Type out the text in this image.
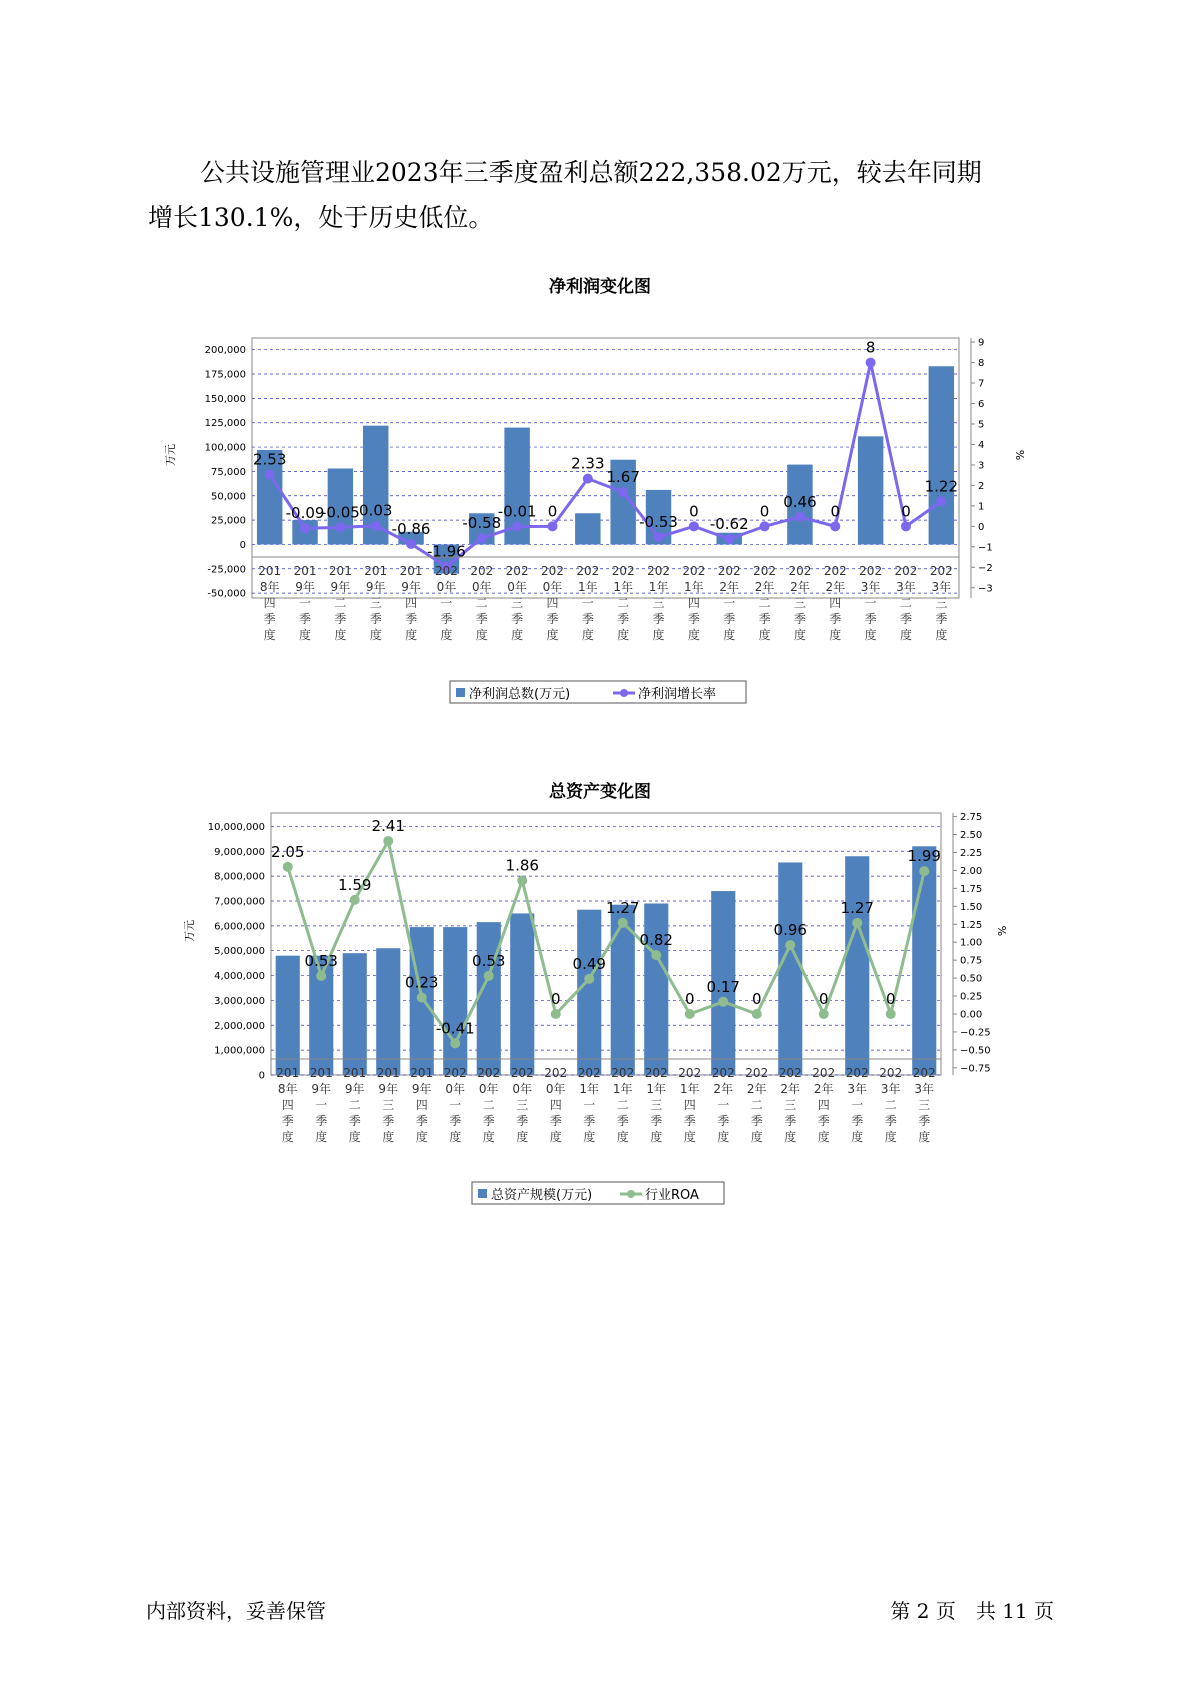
公共设施管理业2023年三季度盈利总额222,358.02万元，较去年同期
增长130.1%，处于历史低位。
净利润变化图
-50,000
-25,000
0
25,000
50,000
75,000
100,000
125,000
150,000
175,000
200,000
万元
−3
−2
−1
0
1
2
3
4
5
6
7
8
9
%
2.53
-0.09
-0.05 0.03
-0.86
-1.96
-0.58
-0.01 0
2.33
1.67
-0.53
0
-0.62
0
0.46
0
8
0
1.22
201
8年
四
季
度
201
9年
一
季
度
201
9年
二
季
度
201
9年
三
季
度
201
9年
四
季
度
202
0年
一
季
度
202
0年
二
季
度
202
0年
三
季
度
202
0年
四
季
度
202
1年
一
季
度
202
1年
二
季
度
202
1年
三
季
度
202
1年
四
季
度
202
2年
一
季
度
202
2年
二
季
度
202
2年
三
季
度
202
2年
四
季
度
202
3年
一
季
度
202
3年
二
季
度
202
3年
三
季
度
净利润总数(万元)	净利润增长率
总资产变化图
0
1,000,000
2,000,000
3,000,000
4,000,000
5,000,000
6,000,000
7,000,000
8,000,000
9,000,000
10,000,000
万元
−0.75
−0.50
−0.25
0.00
0.25
0.50
0.75
1.00
1.25
1.50
1.75
2.00
2.25
2.50
2.75
%
2.05
0.53
1.59
2.41
0.23
-0.41
0.53
1.86
0
0.49
1.27
0.82
0
0.17
0
0.96
0
1.27
0
1.99
201
8年
四
季
度
201
9年
一
季
度
201
9年
二
季
度
201
9年
三
季
度
201
9年
四
季
度
202
0年
一
季
度
202
0年
二
季
度
202
0年
三
季
度
202
0年
四
季
度
202
1年
一
季
度
202
1年
二
季
度
202
1年
三
季
度
202
1年
四
季
度
202
2年
一
季
度
202
2年
二
季
度
202
2年
三
季
度
202
2年
四
季
度
202
3年
一
季
度
202
3年
二
季
度
202
3年
三
季
度
总资产规模(万元)	行业ROA
内部资料，妥善保管	第 2 页　共 11 页
